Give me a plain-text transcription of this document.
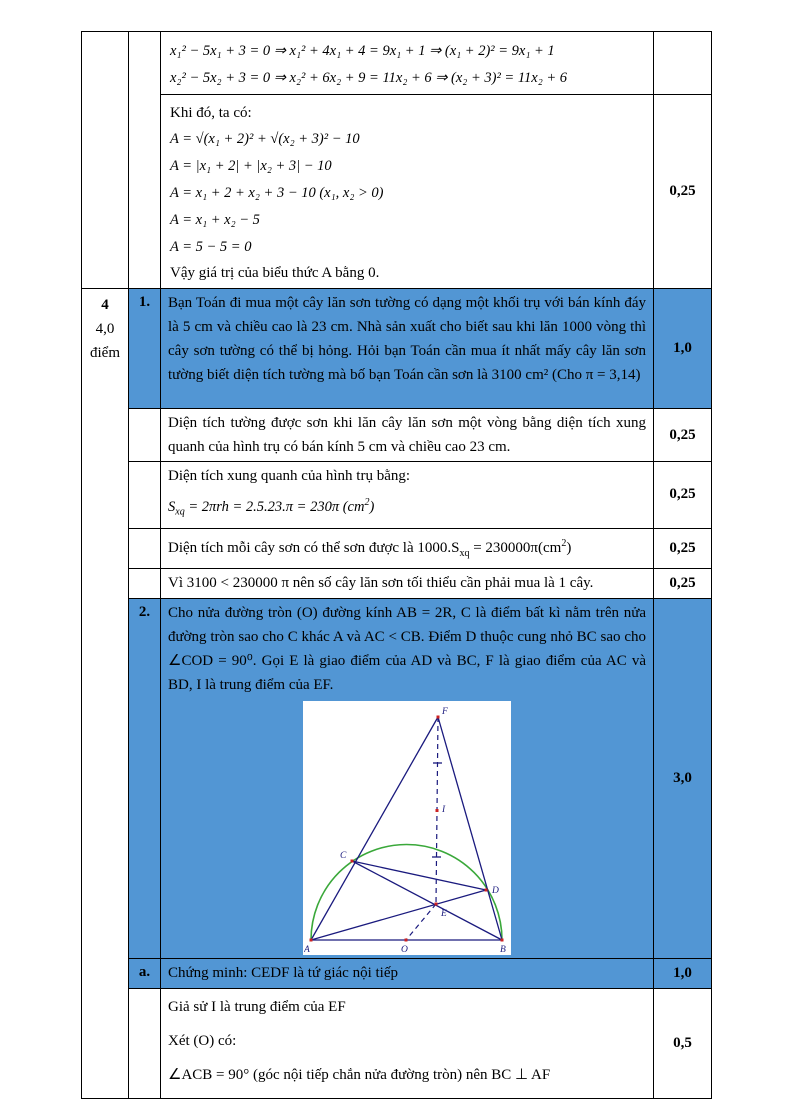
		x₁² − 5x₁ + 3 = 0 ⇒ x₁² + 4x₁ + 4 = 9x₁ + 1 ⇒ (x₁ + 2)² = 9x₁ + 1
x₂² − 5x₂ + 3 = 0 ⇒ x₂² + 6x₂ + 9 = 11x₂ + 6 ⇒ (x₂ + 3)² = 11x₂ + 6	

Khi đó, ta có:
A = √(x₁ + 2)² + √(x₂ + 3)² − 10
A = |x₁ + 2| + |x₂ + 3| − 10
A = x₁ + 2 + x₂ + 3 − 10 (x₁, x₂ > 0)
A = x₁ + x₂ − 5
A = 5 − 5 = 0
Vậy giá trị của biểu thức A bằng 0.
	0,25

4
4,0
điểm
	1.	Bạn Toán đi mua một cây lăn sơn tường có dạng một khối trụ với bán kính đáy là 5 cm và chiều cao là 23 cm. Nhà sản xuất cho biết sau khi lăn 1000 vòng thì cây sơn tường có thể bị hỏng. Hỏi bạn Toán cần mua ít nhất mấy cây lăn sơn tường biết diện tích tường mà bố bạn Toán cần sơn là 3100 cm² (Cho π = 3,14)
	1,0

		Diện tích tường được sơn khi lăn cây lăn sơn một vòng bằng diện tích xung quanh của hình trụ có bán kính 5 cm và chiều cao 23 cm.	0,25

		Diện tích xung quanh của hình trụ bằng:
$S_{xq} = 2\pi rh = 2.5.23.\pi = 230\pi$ $(cm^2)$	0,25

		Diện tích mỗi cây sơn có thể sơn được là $1000.S_{xq} = 230000\pi(cm^2)$	0,25

		Vì 3100 < 230000 π nên số cây lăn sơn tối thiểu cần phải mua là 1 cây.	0,25
2.	Cho nửa đường tròn (O) đường kính AB = 2R, C là điểm bất kì nằm trên nửa đường tròn sao cho C khác A và AC < CB. Điểm D thuộc cung nhỏ BC sao cho ∠COD = 90⁰. Gọi E là giao điểm của AD và BC, F là giao điểm của AC và BD, I là trung điểm của EF.
F
A	B
O
C
D
E
I
	3,0
	a.	Chứng minh: CEDF là tứ giác nội tiếp	1,0

		Giả sử I là trung điểm của EF
Xét (O) có:
∠ACB = 90° (góc nội tiếp chắn nửa đường tròn) nên BC ⊥ AF	0,5
